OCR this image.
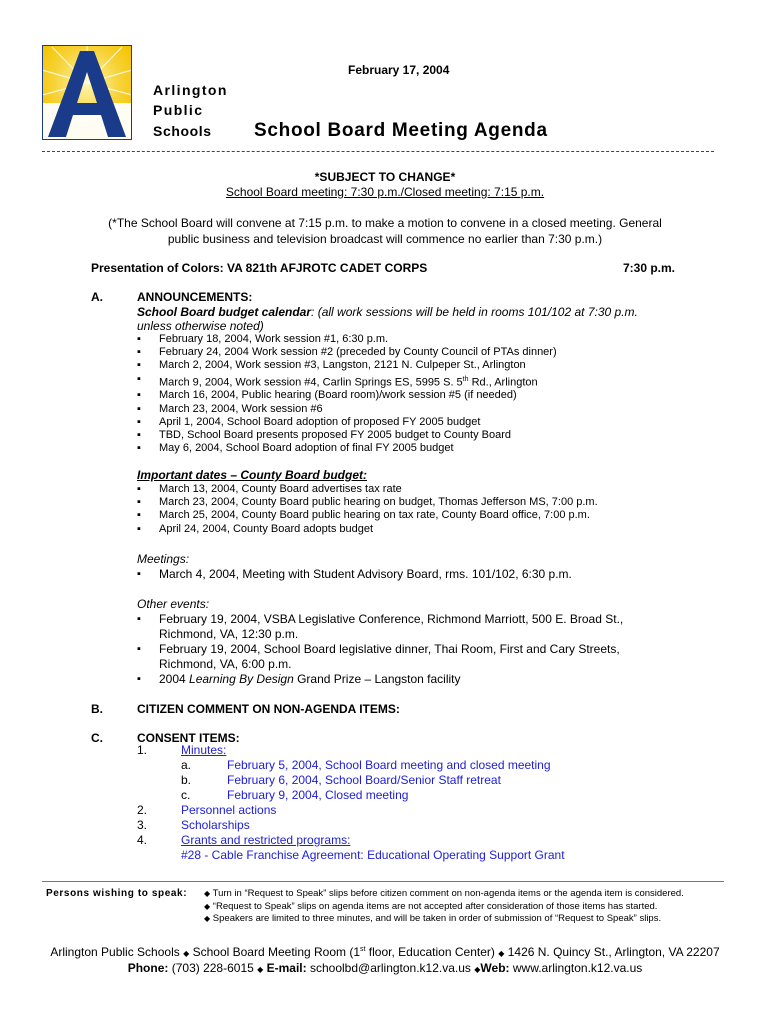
February 17, 2004
Arlington
Public
Schools School Board Meeting Agenda
*SUBJECT TO CHANGE*
School Board meeting: 7:30 p.m./Closed meeting: 7:15 p.m.
(*The School Board will convene at 7:15 p.m. to make a motion to convene in a closed meeting. General
public business and television broadcast will commence no earlier than 7:30 p.m.)
Presentation of Colors: VA 821th AFJROTC CADET CORPS	7:30 p.m.
A.	ANNOUNCEMENTS:
School Board budget calendar: (all work sessions will be held in rooms 101/102 at 7:30 p.m.
unless otherwise noted)
▪ February 18, 2004, Work session #1, 6:30 p.m.
▪ February 24, 2004 Work session #2 (preceded by County Council of PTAs dinner)
▪ March 2, 2004, Work session #3, Langston, 2121 N. Culpeper St., Arlington
▪ March 9, 2004, Work session #4, Carlin Springs ES, 5995 S. 5th Rd., Arlington
▪ March 16, 2004, Public hearing (Board room)/work session #5 (if needed)
▪ March 23, 2004, Work session #6
▪ April 1, 2004, School Board adoption of proposed FY 2005 budget
▪ TBD, School Board presents proposed FY 2005 budget to County Board
▪ May 6, 2004, School Board adoption of final FY 2005 budget
Important dates – County Board budget:
▪ March 13, 2004, County Board advertises tax rate
▪ March 23, 2004, County Board public hearing on budget, Thomas Jefferson MS, 7:00 p.m.
▪ March 25, 2004, County Board public hearing on tax rate, County Board office, 7:00 p.m.
▪ April 24, 2004, County Board adopts budget
Meetings:
▪ March 4, 2004, Meeting with Student Advisory Board, rms. 101/102, 6:30 p.m.
Other events:
▪ February 19, 2004, VSBA Legislative Conference, Richmond Marriott, 500 E. Broad St.,
Richmond, VA, 12:30 p.m.
▪ February 19, 2004, School Board legislative dinner, Thai Room, First and Cary Streets,
Richmond, VA, 6:00 p.m.
▪ 2004 Learning By Design Grand Prize – Langston facility
B.	CITIZEN COMMENT ON NON-AGENDA ITEMS:
C.	CONSENT ITEMS:
1.	Minutes:
a.	February 5, 2004, School Board meeting and closed meeting
b.	February 6, 2004, School Board/Senior Staff retreat
c.	February 9, 2004, Closed meeting
2.	Personnel actions
3.	Scholarships
4.	Grants and restricted programs:
#28 - Cable Franchise Agreement: Educational Operating Support Grant
Persons wishing to speak: ◆ Turn in “Request to Speak” slips before citizen comment on non-agenda items or the agenda item is considered.
◆ “Request to Speak” slips on agenda items are not accepted after consideration of those items has started.
◆ Speakers are limited to three minutes, and will be taken in order of submission of “Request to Speak” slips.
Arlington Public Schools ◆ School Board Meeting Room (1st floor, Education Center) ◆ 1426 N. Quincy St., Arlington, VA 22207
Phone: (703) 228-6015 ◆ E-mail: schoolbd@arlington.k12.va.us ◆Web: www.arlington.k12.va.us
